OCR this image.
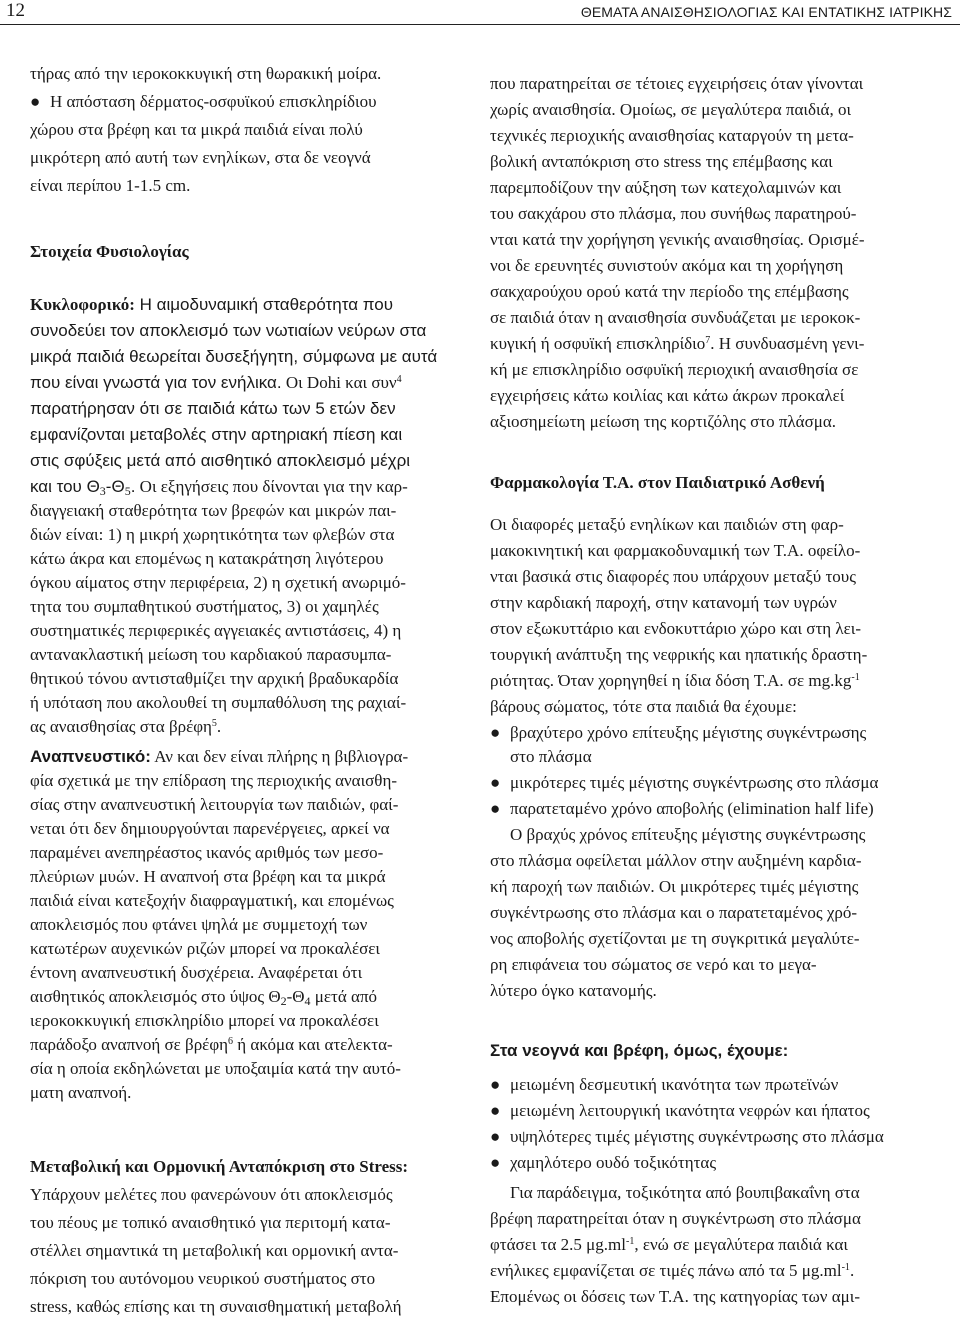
12	ΘΕΜΑΤΑ ΑΝΑΙΣΘΗΣΙΟΛΟΓΙΑΣ ΚΑΙ ΕΝΤΑΤΙΚΗΣ ΙΑΤΡΙΚΗΣ
τήρας από την ιεροκοκκυγική στη θωρακική μοίρα.
● Η απόσταση δέρματος-οσφυϊκού επισκληρίδιου
χώρου στα βρέφη και τα μικρά παιδιά είναι πολύ
μικρότερη από αυτή των ενηλίκων, στα δε νεογνά
είναι περίπου 1-1.5 cm.
Στοιχεία Φυσιολογίας
Κυκλοφορικό: Η αιμοδυναμική σταθερότητα που
συνοδεύει τον αποκλεισμό των νωτιαίων νεύρων στα
μικρά παιδιά θεωρείται δυσεξήγητη, σύμφωνα με αυτά
που είναι γνωστά για τον ενήλικα. Οι Dohi και συν$^4$
παρατήρησαν ότι σε παιδιά κάτω των 5 ετών δεν
εμφανίζονται μεταβολές στην αρτηριακή πίεση και
στις σφύξεις μετά από αισθητικό αποκλεισμό μέχρι
και του $\Theta_3-\Theta_5$. Οι εξηγήσεις που δίνονται για την καρ-
διαγγειακή σταθερότητα των βρεφών και μικρών παι-
διών είναι: 1) η μικρή χωρητικότητα των φλεβών στα
κάτω άκρα και επομένως η κατακράτηση λιγότερου
όγκου αίματος στην περιφέρεια, 2) η σχετική ανωριμό-
τητα του συμπαθητικού συστήματος, 3) οι χαμηλές
συστηματικές περιφερικές αγγειακές αντιστάσεις, 4) η
ανταvακλαστική μείωση του καρδιακού παρασυμπα-
θητικού τόνου αντισταθμίζει την αρχική βραδυκαρδία
ή υπόταση που ακολουθεί τη συμπαθόλυση της ραχιαί-
ας αναισθησίας στα βρέφη$^5$.
Αναπνευστικό: Αν και δεν είναι πλήρης η βιβλιογρα-
φία σχετικά με την επίδραση της περιοχικής αναισθη-
σίας στην αναπνευστική λειτουργία των παιδιών, φαί-
νεται ότι δεν δημιουργούνται παρενέργειες, αρκεί να
παραμένει ανεπηρέαστος ικανός αριθμός των μεσο-
πλεύριων μυών. Η αναπνοή στα βρέφη και τα μικρά
παιδιά είναι κατεξοχήν διαφραγματική, και επομένως
αποκλεισμός που φτάνει ψηλά με συμμετοχή των
κατωτέρων αυχενικών ριζών μπορεί να προκαλέσει
έντονη αναπνευστική δυσχέρεια. Αναφέρεται ότι
αισθητικός αποκλεισμός στο ύψος $\Theta_2-\Theta_4$ μετά από
ιεροκοκκυγική επισκληρίδιο μπορεί να προκαλέσει
παράδοξο αναπνοή σε βρέφη$^6$ ή ακόμα και ατελεκτα-
σία η οποία εκδηλώνεται με υποξαιμία κατά την αυτό-
ματη αναπνοή.
Μεταβολική και Ορμονική Ανταπόκριση στο Stress:
Υπάρχουν μελέτες που φανερώνουν ότι αποκλεισμός
του πέους με τοπικό αναισθητικό για περιτομή κατα-
στέλλει σημαντικά τη μεταβολική και ορμονική αντα-
πόκριση του αυτόνομου νευρικού συστήματος στο
stress, καθώς επίσης και τη συναισθηματική μεταβολή
που παρατηρείται σε τέτοιες εγχειρήσεις όταν γίνονται
χωρίς αναισθησία. Ομοίως, σε μεγαλύτερα παιδιά, οι
τεχνικές περιοχικής αναισθησίας καταργούν τη μετα-
βολική ανταπόκριση στο stress της επέμβασης και
παρεμποδίζουν την αύξηση των κατεχολαμινών και
του σακχάρου στο πλάσμα, που συνήθως παρατηρού-
νται κατά την χορήγηση γενικής αναισθησίας. Ορισμέ-
νοι δε ερευνητές συνιστούν ακόμα και τη χορήγηση
σακχαρούχου ορού κατά την περίοδο της επέμβασης
σε παιδιά όταν η αναισθησία συνδυάζεται με ιεροκοκ-
κυγική ή οσφυϊκή επισκληρίδιο$^7$. Η συνδυασμένη γενι-
κή με επισκληρίδιο οσφυϊκή περιοχική αναισθησία σε
εγχειρήσεις κάτω κοιλίας και κάτω άκρων προκαλεί
αξιοσημείωτη μείωση της κορτιζόλης στο πλάσμα.
Φαρμακολογία Τ.Α. στον Παιδιατρικό Ασθενή
Οι διαφορές μεταξύ ενηλίκων και παιδιών στη φαρ-
μακοκινητική και φαρμακοδυναμική των Τ.Α. οφείλο-
νται βασικά στις διαφορές που υπάρχουν μεταξύ τους
στην καρδιακή παροχή, στην κατανομή των υγρών
στον εξωκυττάριο και ενδοκυττάριο χώρο και στη λει-
τουργική ανάπτυξη της νεφρικής και ηπατικής δραστη-
ριότητας. Όταν χορηγηθεί η ίδια δόση Τ.Α. σε $mg.kg^{-1}$
βάρους σώματος, τότε στα παιδιά θα έχουμε:
● βραχύτερο χρόνο επίτευξης μέγιστης συγκέντρωσης
στο πλάσμα
● μικρότερες τιμές μέγιστης συγκέντρωσης στο πλάσμα
● παρατεταμένο χρόνο αποβολής (elimination half life)
Ο βραχύς χρόνος επίτευξης μέγιστης συγκέντρωσης
στο πλάσμα οφείλεται μάλλον στην αυξημένη καρδια-
κή παροχή των παιδιών. Οι μικρότερες τιμές μέγιστης
συγκέντρωσης στο πλάσμα και ο παρατεταμένος χρό-
νος αποβολής σχετίζονται με τη συγκριτικά μεγαλύτε-
ρη επιφάνεια του σώματος σε νερό και το μεγα-
λύτερο όγκο κατανομής.
Στα νεογνά και βρέφη, όμως, έχουμε:
● μειωμένη δεσμευτική ικανότητα των πρωτεϊνών
● μειωμένη λειτουργική ικανότητα νεφρών και ήπατος
● υψηλότερες τιμές μέγιστης συγκέντρωσης στο πλάσμα
● χαμηλότερο ουδό τοξικότητας
Για παράδειγμα, τοξικότητα από βουπιβακαΐνη στα
βρέφη παρατηρείται όταν η συγκέντρωση στο πλάσμα
φτάσει τα 2.5 $\mu g.ml^{-1}$, ενώ σε μεγαλύτερα παιδιά και
ενήλικες εμφανίζεται σε τιμές πάνω από τα 5 $\mu g.ml^{-1}$.
Επομένως οι δόσεις των Τ.Α. της κατηγορίας των αμι-
